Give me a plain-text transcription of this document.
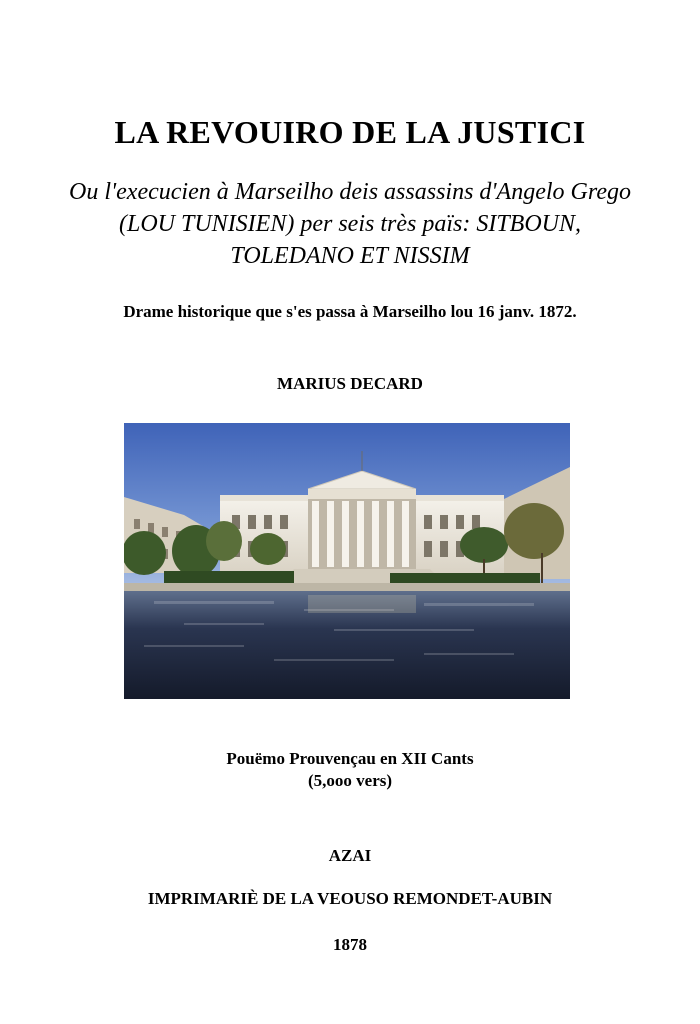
LA REVOUIRO DE LA JUSTICI
Ou l'execucien à Marseilho deis assassins d'Angelo Grego
(LOU TUNISIEN) per seis très païs: SITBOUN,
TOLEDANO ET NISSIM
Drame historique que s'es passa à Marseilho lou 16 janv. 1872.
MARIUS DECARD
Pouëmo Prouvençau en XII Cants
(5,ooo vers)
AZAI
IMPRIMARIÈ DE LA VEOUSO REMONDET-AUBIN
1878
